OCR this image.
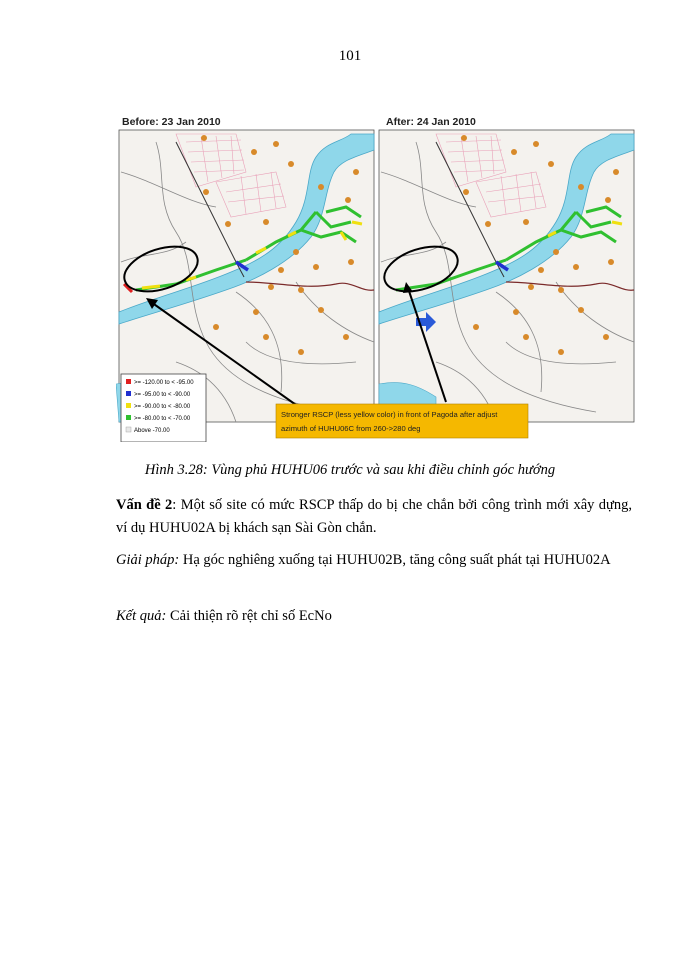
101
Before: 23 Jan 2010	After: 24 Jan 2010
>= -120.00 to < -95.00
>= -95.00 to < -90.00
>= -90.00 to < -80.00
>= -80.00 to < -70.00
Above -70.00
Stronger RSCP (less yellow color) in front of Pagoda after adjust
azimuth of HUHU06C from 260->280 deg
Hình 3.28: Vùng phủ HUHU06 trước và sau khi điều chỉnh góc hướng

Vấn đề 2: Một số site có mức RSCP thấp do bị che chắn bởi công trình mới xây dựng, ví dụ HUHU02A bị khách sạn Sài Gòn chắn.

Giải pháp: Hạ góc nghiêng xuống tại HUHU02B, tăng công suất phát tại HUHU02A

Kết quả: Cải thiện rõ rệt chỉ số EcNo
